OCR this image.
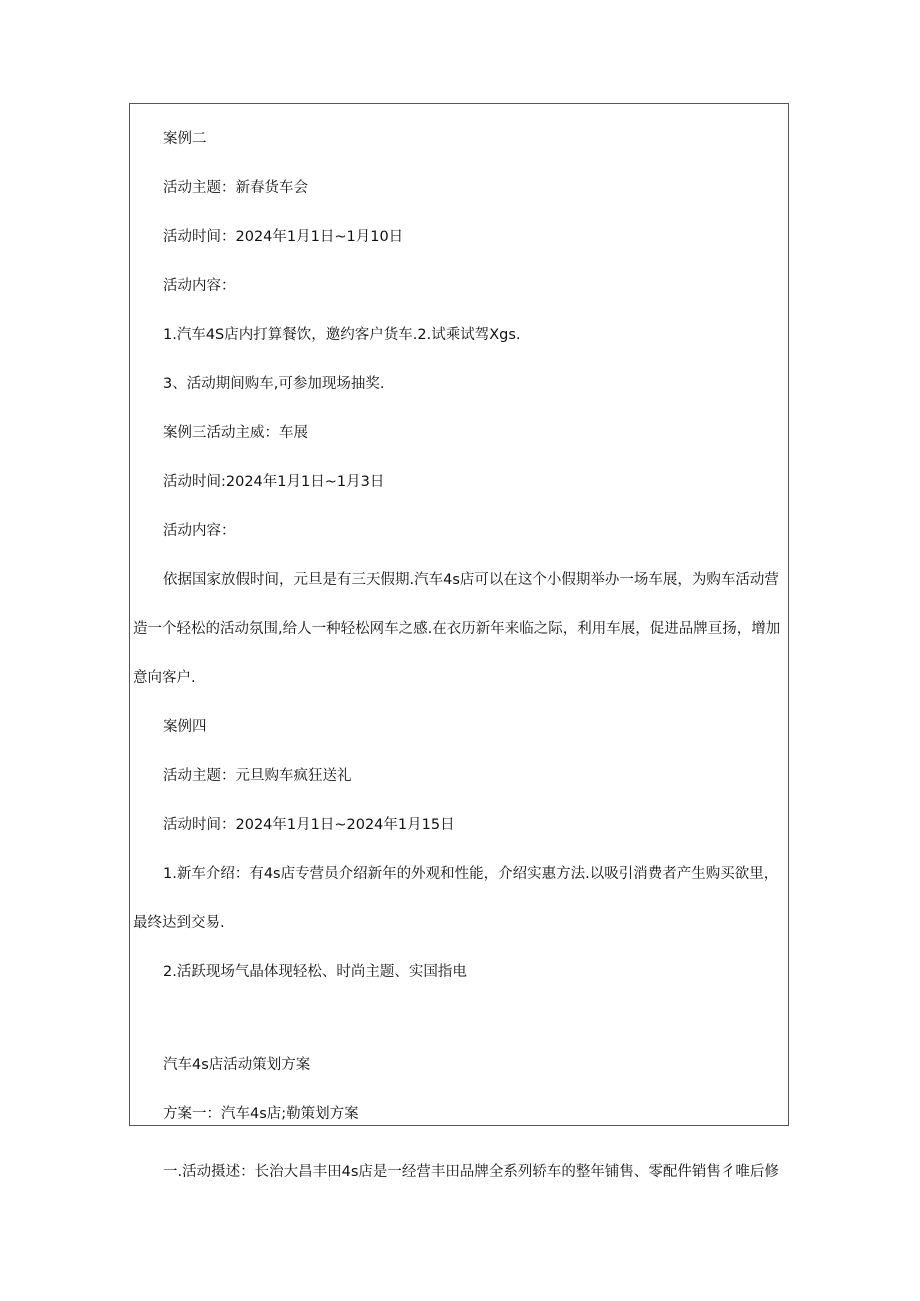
案例二
活动主题：新春货车会
活动时间：2024年1月1日~1月10日
活动内容：
1.汽车4S店内打算餐饮，邀约客户货车.2.试乘试驾Xgs.
3、活动期间购车,可参加现场抽奖.
案例三活动主威：车展
活动时间:2024年1月1日~1月3日
活动内容：
依据国家放假时间，元旦是有三天假期.汽车4s店可以在这个小假期举办一场车展，为购车活动营
造一个轻松的活动氛围,给人一种轻松网车之感.在衣历新年来临之际，利用车展，促进品牌亘扬，增加
意向客户.
案例四
活动主题：元旦购车疯狂送礼
活动时间：2024年1月1日~2024年1月15日
1.新车介绍：有4s店专营员介绍新年的外观和性能，介绍实惠方法.以吸引消费者产生购买欲里，
最终达到交易.
2.活跃现场气晶体现轻松、时尚主题、实国指电
汽车4s店活动策划方案
方案一：汽车4s店;勒策划方案
一.活动摄述：长治大昌丰田4s店是一经营丰田品牌全系列轿车的整年铺售、零配件销售彳唯后修
